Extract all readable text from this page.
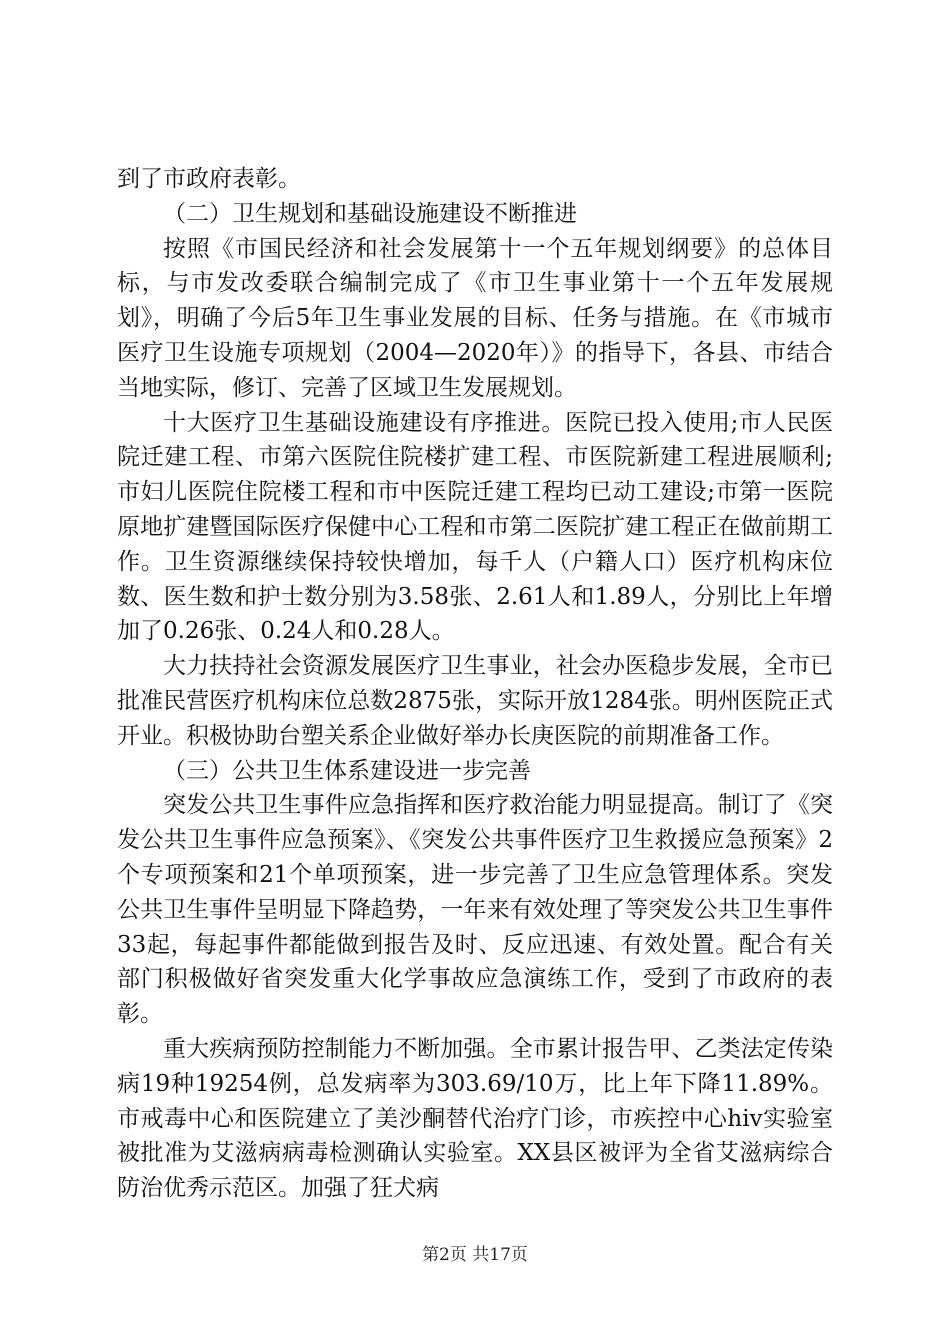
到了市政府表彰。

（二）卫生规划和基础设施建设不断推进

按照《市国民经济和社会发展第十一个五年规划纲要》的总体目标，与市发改委联合编制完成了《市卫生事业第十一个五年发展规划》，明确了今后5年卫生事业发展的目标、任务与措施。在《市城市医疗卫生设施专项规划（2004—2020年）》的指导下，各县、市结合当地实际，修订、完善了区域卫生发展规划。

十大医疗卫生基础设施建设有序推进。医院已投入使用;市人民医院迁建工程、市第六医院住院楼扩建工程、市医院新建工程进展顺利;市妇儿医院住院楼工程和市中医院迁建工程均已动工建设;市第一医院原地扩建暨国际医疗保健中心工程和市第二医院扩建工程正在做前期工作。卫生资源继续保持较快增加，每千人（户籍人口）医疗机构床位数、医生数和护士数分别为3.58张、2.61人和1.89人，分别比上年增加了0.26张、0.24人和0.28人。

大力扶持社会资源发展医疗卫生事业，社会办医稳步发展，全市已批准民营医疗机构床位总数2875张，实际开放1284张。明州医院正式开业。积极协助台塑关系企业做好举办长庚医院的前期准备工作。

（三）公共卫生体系建设进一步完善

突发公共卫生事件应急指挥和医疗救治能力明显提高。制订了《突发公共卫生事件应急预案》、《突发公共事件医疗卫生救援应急预案》2个专项预案和21个单项预案，进一步完善了卫生应急管理体系。突发公共卫生事件呈明显下降趋势，一年来有效处理了等突发公共卫生事件33起，每起事件都能做到报告及时、反应迅速、有效处置。配合有关部门积极做好省突发重大化学事故应急演练工作，受到了市政府的表彰。

重大疾病预防控制能力不断加强。全市累计报告甲、乙类法定传染病19种19254例，总发病率为303.69/10万，比上年下降11.89%。市戒毒中心和医院建立了美沙酮替代治疗门诊，市疾控中心hiv实验室被批准为艾滋病病毒检测确认实验室。XX县区被评为全省艾滋病综合防治优秀示范区。加强了狂犬病

第2页 共17页
